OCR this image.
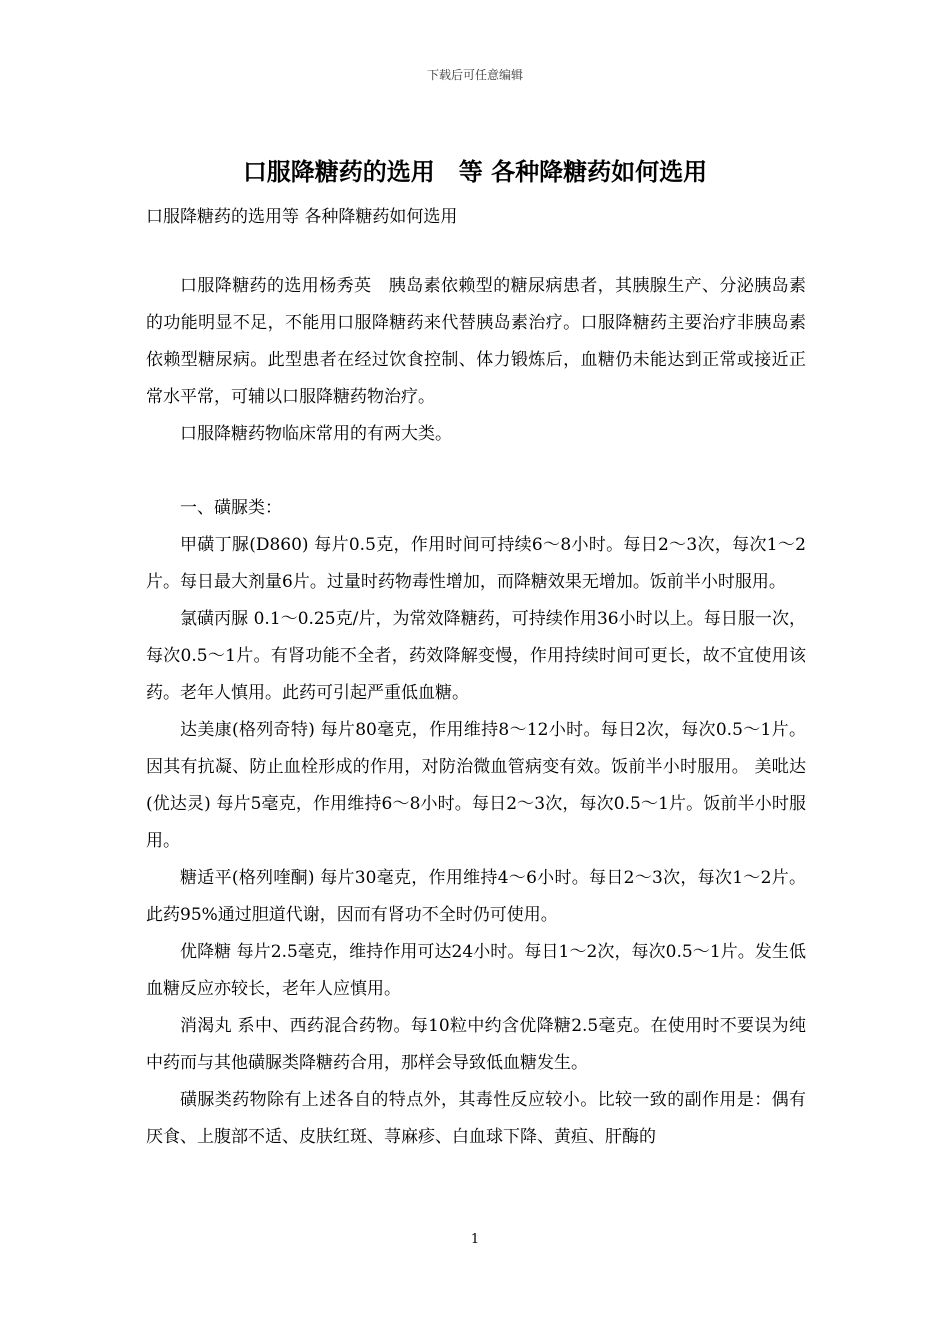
下载后可任意编辑
口服降糖药的选用　等 各种降糖药如何选用
口服降糖药的选用等 各种降糖药如何选用

口服降糖药的选用杨秀英　胰岛素依赖型的糖尿病患者，其胰腺生产、分泌胰岛素的功能明显不足，不能用口服降糖药来代替胰岛素治疗。口服降糖药主要治疗非胰岛素依赖型糖尿病。此型患者在经过饮食控制、体力锻炼后，血糖仍未能达到正常或接近正常水平常，可辅以口服降糖药物治疗。

口服降糖药物临床常用的有两大类。

一、磺脲类：

甲磺丁脲(D860) 每片0.5克，作用时间可持续6～8小时。每日2～3次，每次1～2片。每日最大剂量6片。过量时药物毒性增加，而降糖效果无增加。饭前半小时服用。

氯磺丙脲 0.1～0.25克/片，为常效降糖药，可持续作用36小时以上。每日服一次，每次0.5～1片。有肾功能不全者，药效降解变慢，作用持续时间可更长，故不宜使用该药。老年人慎用。此药可引起严重低血糖。

达美康(格列奇特) 每片80毫克，作用维持8～12小时。每日2次，每次0.5～1片。因其有抗凝、防止血栓形成的作用，对防治微血管病变有效。饭前半小时服用。 美吡达(优达灵) 每片5毫克，作用维持6～8小时。每日2～3次，每次0.5～1片。饭前半小时服用。

糖适平(格列喹酮) 每片30毫克，作用维持4～6小时。每日2～3次，每次1～2片。此药95%通过胆道代谢，因而有肾功不全时仍可使用。

优降糖 每片2.5毫克，维持作用可达24小时。每日1～2次，每次0.5～1片。发生低血糖反应亦较长，老年人应慎用。

消渴丸 系中、西药混合药物。每10粒中约含优降糖2.5毫克。在使用时不要误为纯中药而与其他磺脲类降糖药合用，那样会导致低血糖发生。

磺脲类药物除有上述各自的特点外，其毒性反应较小。比较一致的副作用是：偶有厌食、上腹部不适、皮肤红斑、荨麻疹、白血球下降、黄疸、肝酶的

1
